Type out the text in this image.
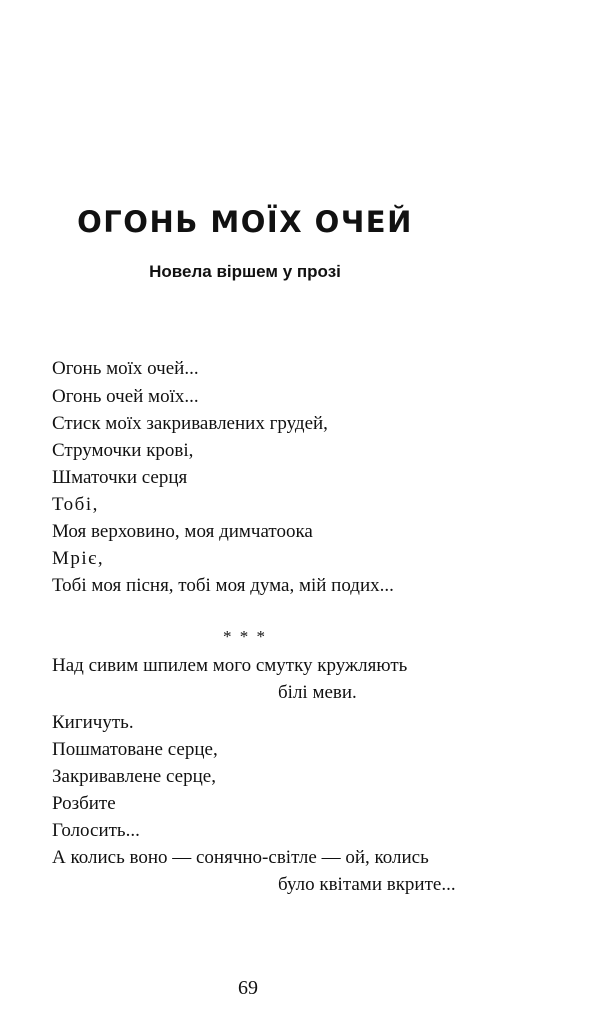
ОГОНЬ МОЇХ ОЧЕЙ
Новела віршем у прозі
Огонь моїх очей...
Огонь очей моїх...
Стиск моїх закривавлених грудей,
Струмочки крові,
Шматочки серця
Тобі,
Моя верховино, моя димчатоока
Мріє,
Тобі моя пісня, тобі моя дума, мій подих...
* * *
Над сивим шпилем мого смутку кружляють
білі меви.
Кигичуть.
Пошматоване серце,
Закривавлене серце,
Розбите
Голосить...
А колись воно — сонячно-світле — ой, колись
було квітами вкрите...
69
